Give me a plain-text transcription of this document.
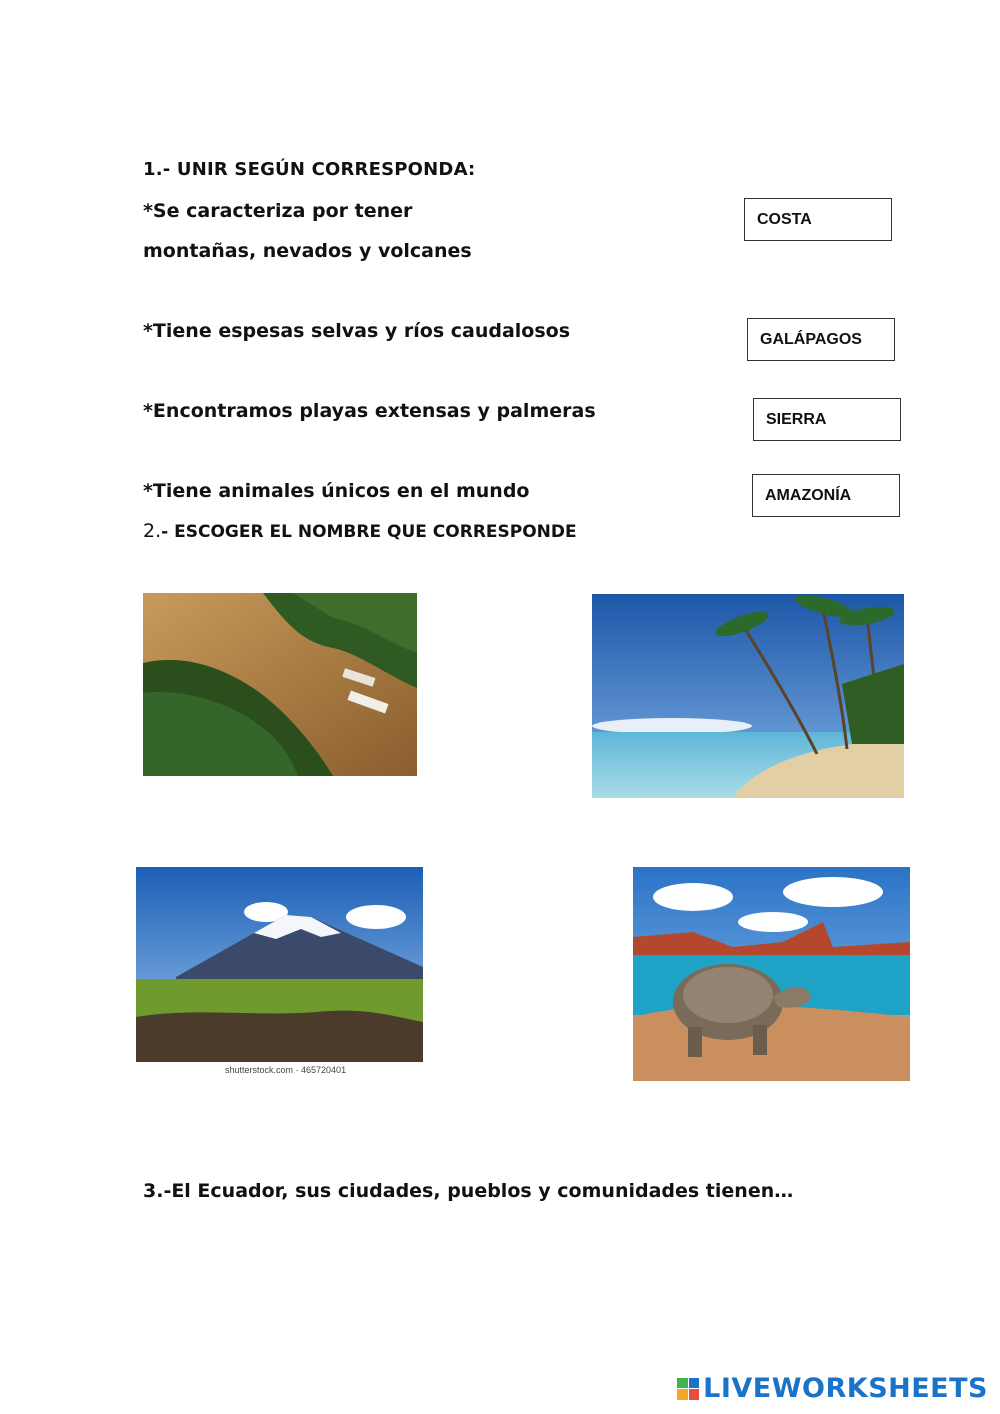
1.- UNIR SEGÚN CORRESPONDA:
*Se caracteriza por tener
montañas, nevados y volcanes
*Tiene espesas selvas y ríos caudalosos
*Encontramos playas extensas y palmeras
*Tiene animales únicos en el mundo
COSTA
GALÁPAGOS
SIERRA
AMAZONÍA
2.- ESCOGER EL NOMBRE QUE CORRESPONDE
shutterstock.com · 465720401
3.-El Ecuador, sus ciudades, pueblos y comunidades tienen…
LIVEWORKSHEETS
